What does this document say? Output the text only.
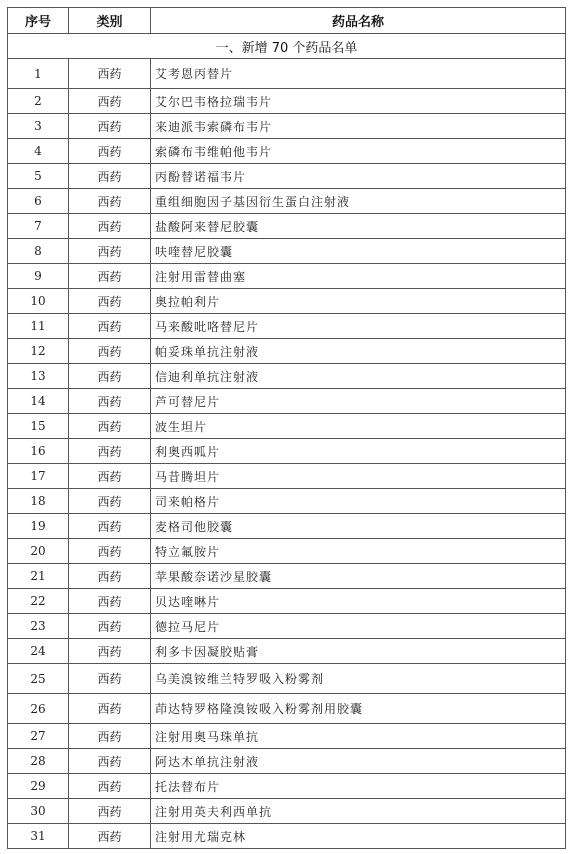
序号	类别	药品名称
一、新增 70 个药品名单		
1	西药	艾考恩丙替片
2	西药	艾尔巴韦格拉瑞韦片
3	西药	来迪派韦索磷布韦片
4	西药	索磷布韦维帕他韦片
5	西药	丙酚替诺福韦片
6	西药	重组细胞因子基因衍生蛋白注射液
7	西药	盐酸阿来替尼胶囊
8	西药	呋喹替尼胶囊
9	西药	注射用雷替曲塞
10	西药	奥拉帕利片
11	西药	马来酸吡咯替尼片
12	西药	帕妥珠单抗注射液
13	西药	信迪利单抗注射液
14	西药	芦可替尼片
15	西药	波生坦片
16	西药	利奥西呱片
17	西药	马昔腾坦片
18	西药	司来帕格片
19	西药	麦格司他胶囊
20	西药	特立氟胺片
21	西药	苹果酸奈诺沙星胶囊
22	西药	贝达喹啉片
23	西药	德拉马尼片
24	西药	利多卡因凝胶贴膏
25	西药	乌美溴铵维兰特罗吸入粉雾剂
26	西药	茚达特罗格隆溴铵吸入粉雾剂用胶囊
27	西药	注射用奥马珠单抗
28	西药	阿达木单抗注射液
29	西药	托法替布片
30	西药	注射用英夫利西单抗
31	西药	注射用尤瑞克林
